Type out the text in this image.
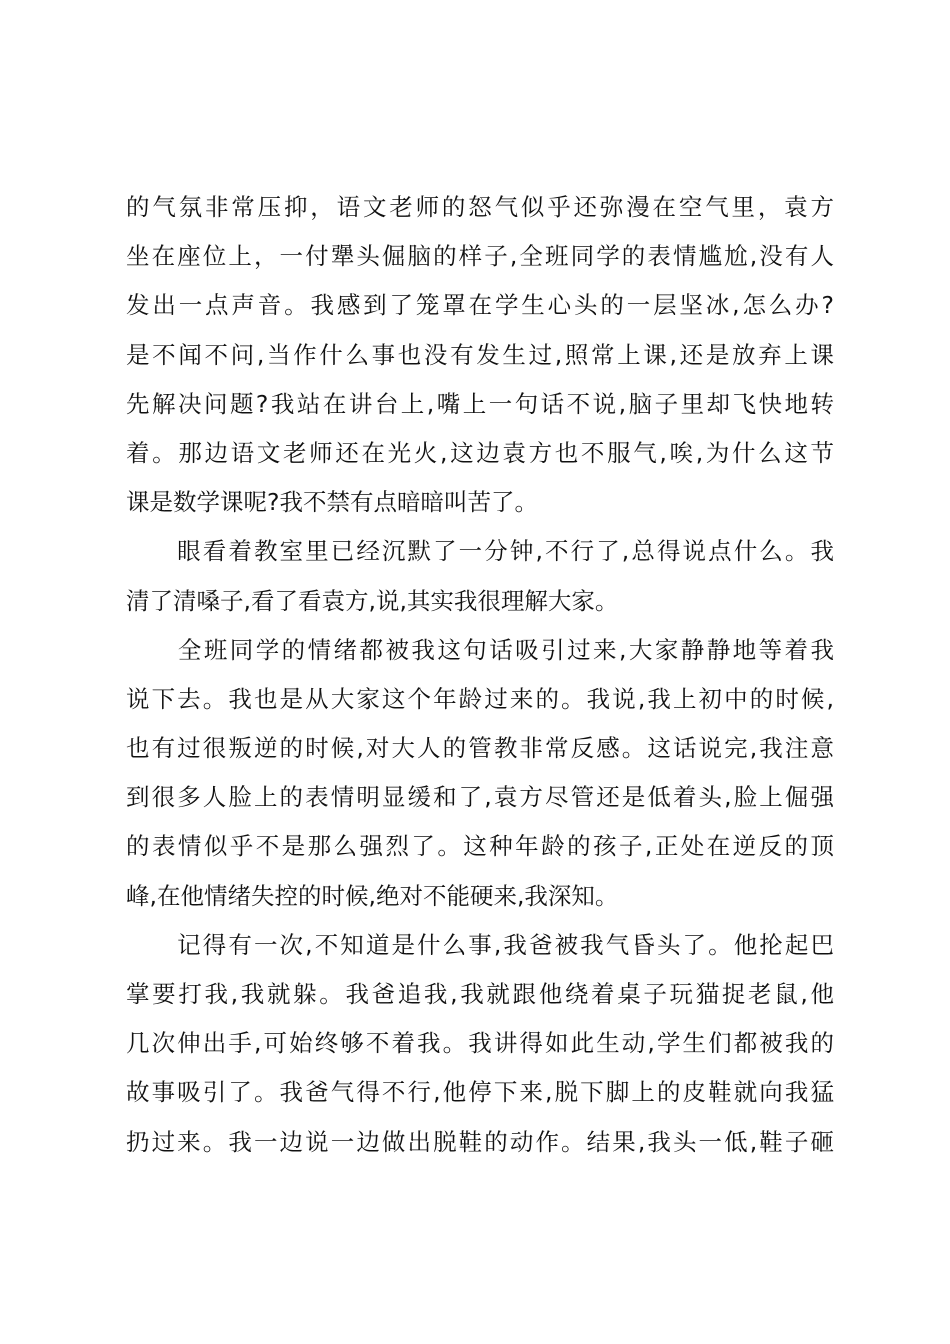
的气氛非常压抑，语文老师的怒气似乎还弥漫在空气里，袁方
坐在座位上，一付犟头倔脑的样子,全班同学的表情尴尬,没有人
发出一点声音。我感到了笼罩在学生心头的一层坚冰,怎么办?
是不闻不问,当作什么事也没有发生过,照常上课,还是放弃上课
先解决问题?我站在讲台上,嘴上一句话不说,脑子里却飞快地转
着。那边语文老师还在光火,这边袁方也不服气,唉,为什么这节
课是数学课呢?我不禁有点暗暗叫苦了。
　　眼看着教室里已经沉默了一分钟,不行了,总得说点什么。我
清了清嗓子,看了看袁方,说,其实我很理解大家。
　　全班同学的情绪都被我这句话吸引过来,大家静静地等着我
说下去。我也是从大家这个年龄过来的。我说,我上初中的时候,
也有过很叛逆的时候,对大人的管教非常反感。这话说完,我注意
到很多人脸上的表情明显缓和了,袁方尽管还是低着头,脸上倔强
的表情似乎不是那么强烈了。这种年龄的孩子,正处在逆反的顶
峰,在他情绪失控的时候,绝对不能硬来,我深知。
　　记得有一次,不知道是什么事,我爸被我气昏头了。他抡起巴
掌要打我,我就躲。我爸追我,我就跟他绕着桌子玩猫捉老鼠,他
几次伸出手,可始终够不着我。我讲得如此生动,学生们都被我的
故事吸引了。我爸气得不行,他停下来,脱下脚上的皮鞋就向我猛
扔过来。我一边说一边做出脱鞋的动作。结果,我头一低,鞋子砸
